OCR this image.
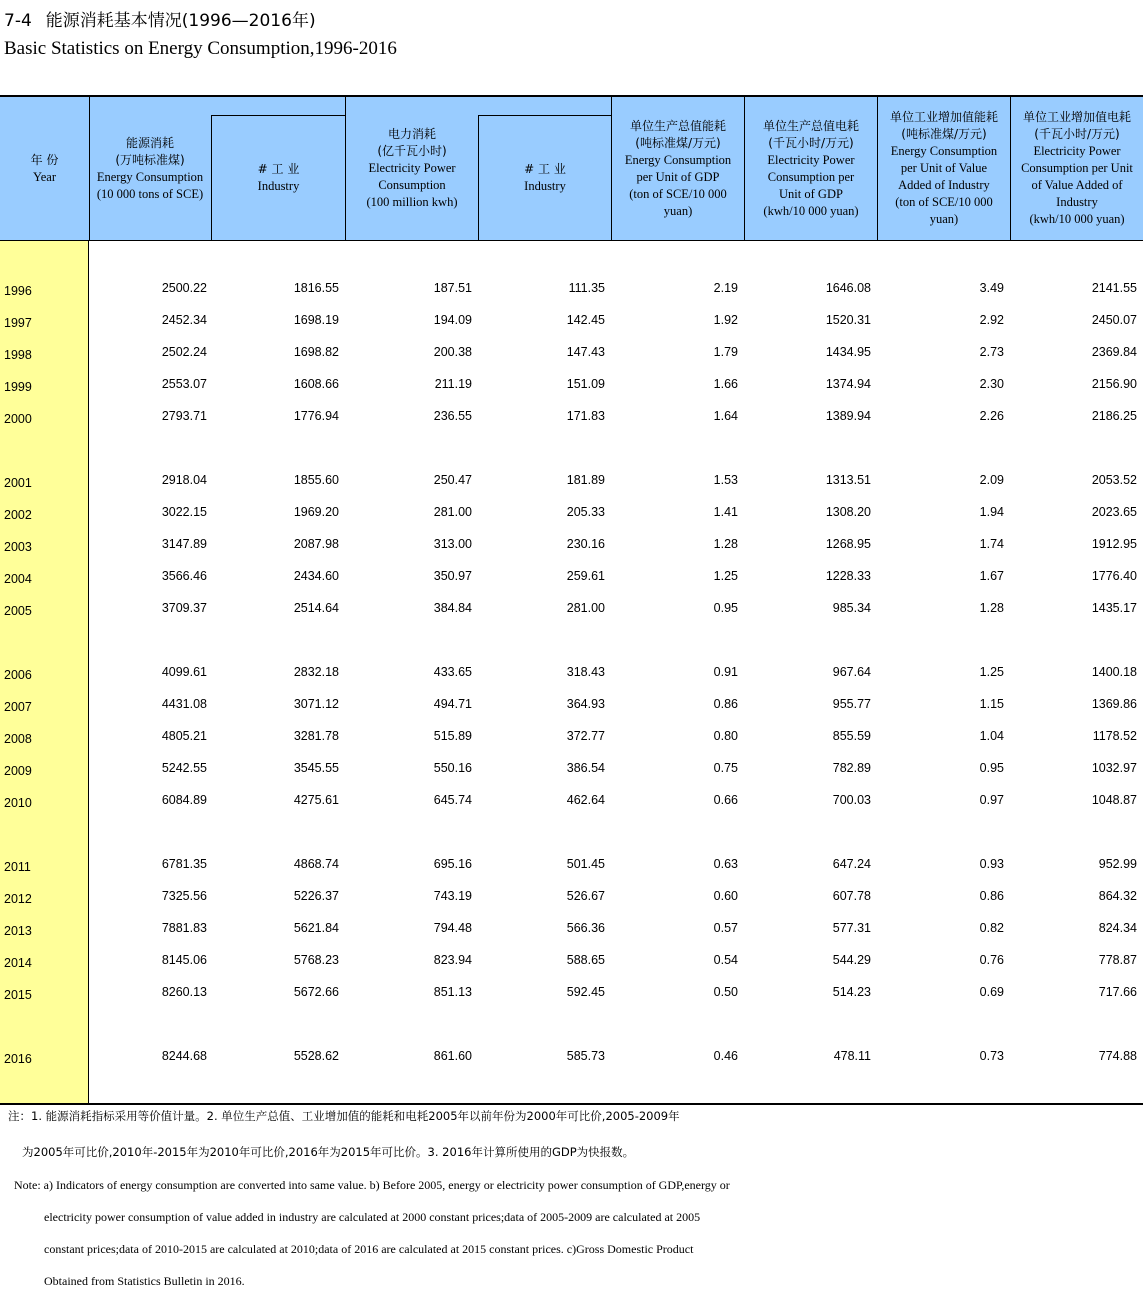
7-4 能源消耗基本情况(1996—2016年)
Basic Statistics on Energy Consumption,1996-2016
年 份
Year
能源消耗
(万吨标准煤)
Energy Consumption
(10 000 tons of SCE)
# 工 业
Industry
电力消耗
(亿千瓦小时)
Electricity Power
Consumption
(100 million kwh)
# 工 业
Industry
单位生产总值能耗
(吨标准煤/万元)
Energy Consumption
per Unit of GDP
(ton of SCE/10 000
yuan)
单位生产总值电耗
(千瓦小时/万元)
Electricity Power
Consumption per
Unit of GDP
(kwh/10 000 yuan)
单位工业增加值能耗
(吨标准煤/万元)
Energy Consumption
per Unit of Value
Added of Industry
(ton of SCE/10 000
yuan)
单位工业增加值电耗
(千瓦小时/万元)
Electricity Power
Consumption per Unit
of Value Added of
Industry
(kwh/10 000 yuan)
1996	2500.22	1816.55	187.51	111.35	2.19	1646.08	3.49	2141.55
1997	2452.34	1698.19	194.09	142.45	1.92	1520.31	2.92	2450.07
1998	2502.24	1698.82	200.38	147.43	1.79	1434.95	2.73	2369.84
1999	2553.07	1608.66	211.19	151.09	1.66	1374.94	2.30	2156.90
2000	2793.71	1776.94	236.55	171.83	1.64	1389.94	2.26	2186.25
2001	2918.04	1855.60	250.47	181.89	1.53	1313.51	2.09	2053.52
2002	3022.15	1969.20	281.00	205.33	1.41	1308.20	1.94	2023.65
2003	3147.89	2087.98	313.00	230.16	1.28	1268.95	1.74	1912.95
2004	3566.46	2434.60	350.97	259.61	1.25	1228.33	1.67	1776.40
2005	3709.37	2514.64	384.84	281.00	0.95	985.34	1.28	1435.17
2006	4099.61	2832.18	433.65	318.43	0.91	967.64	1.25	1400.18
2007	4431.08	3071.12	494.71	364.93	0.86	955.77	1.15	1369.86
2008	4805.21	3281.78	515.89	372.77	0.80	855.59	1.04	1178.52
2009	5242.55	3545.55	550.16	386.54	0.75	782.89	0.95	1032.97
2010	6084.89	4275.61	645.74	462.64	0.66	700.03	0.97	1048.87
2011	6781.35	4868.74	695.16	501.45	0.63	647.24	0.93	952.99
2012	7325.56	5226.37	743.19	526.67	0.60	607.78	0.86	864.32
2013	7881.83	5621.84	794.48	566.36	0.57	577.31	0.82	824.34
2014	8145.06	5768.23	823.94	588.65	0.54	544.29	0.76	778.87
2015	8260.13	5672.66	851.13	592.45	0.50	514.23	0.69	717.66
2016	8244.68	5528.62	861.60	585.73	0.46	478.11	0.73	774.88

注：1. 能源消耗指标采用等价值计量。2. 单位生产总值、工业增加值的能耗和电耗2005年以前年份为2000年可比价,2005-2009年

为2005年可比价,2010年-2015年为2010年可比价,2016年为2015年可比价。3. 2016年计算所使用的GDP为快报数。

Note: a) Indicators of energy consumption are converted into same value. b) Before 2005, energy or electricity power consumption of GDP,energy or

electricity power consumption of value added in industry are calculated at 2000 constant prices;data of 2005-2009 are calculated at 2005

constant prices;data of 2010-2015 are calculated at 2010;data of 2016 are calculated at 2015 constant prices. c)Gross Domestic Product

Obtained from Statistics Bulletin in 2016.
